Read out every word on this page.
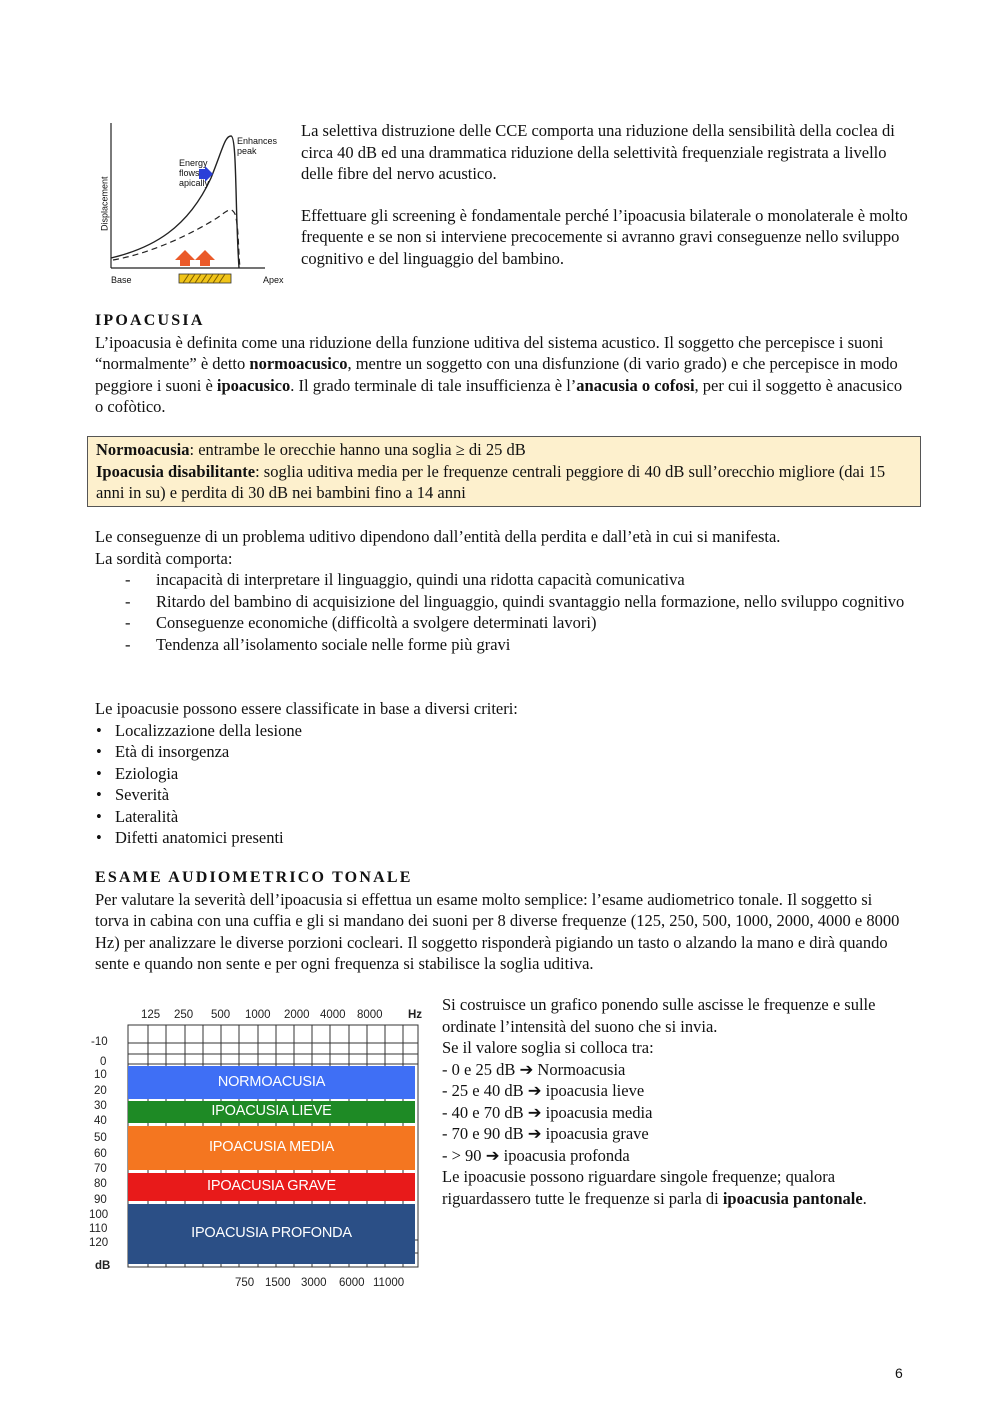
Displacement
Energy
flows
apically
Enhances
peak
Base	Apex

La selettiva distruzione delle CCE comporta una riduzione della sensibilità della coclea di circa 40 dB ed una drammatica riduzione della selettività frequenziale registrata a livello delle fibre del nervo acustico.

Effettuare gli screening è fondamentale perché l’ipoacusia bilaterale o monolaterale è molto frequente e se non si interviene precocemente si avranno gravi conseguenze nello sviluppo cognitivo e del linguaggio del bambino.

IPOACUSIA

L’ipoacusia è definita come una riduzione della funzione uditiva del sistema acustico. Il soggetto che percepisce i suoni “normalmente” è detto normoacusico, mentre un soggetto con una disfunzione (di vario grado) e che percepisce in modo peggiore i suoni è ipoacusico. Il grado terminale di tale insufficienza è l’anacusia o cofosi, per cui il soggetto è anacusico o cofòtico.

Normoacusia: entrambe le orecchie hanno una soglia ≥ di 25 dB
Ipoacusia disabilitante: soglia uditiva media per le frequenze centrali peggiore di 40 dB sull’orecchio migliore (dai 15 anni in su) e perdita di 30 dB nei bambini fino a 14 anni

Le conseguenze di un problema uditivo dipendono dall’entità della perdita e dall’età in cui si manifesta.

La sordità comporta:

- incapacità di interpretare il linguaggio, quindi una ridotta capacità comunicativa
- Ritardo del bambino di acquisizione del linguaggio, quindi svantaggio nella formazione, nello sviluppo cognitivo
- Conseguenze economiche (difficoltà a svolgere determinati lavori)
- Tendenza all’isolamento sociale nelle forme più gravi

Le ipoacusie possono essere classificate in base a diversi criteri:

• Localizzazione della lesione
• Età di insorgenza
• Eziologia
• Severità
• Lateralità
• Difetti anatomici presenti
ESAME AUDIOMETRICO TONALE

Per valutare la severità dell’ipoacusia si effettua un esame molto semplice: l’esame audiometrico tonale. Il soggetto si torva in cabina con una cuffia e gli si mandano dei suoni per 8 diverse frequenze (125, 250, 500, 1000, 2000, 4000 e 8000 Hz) per analizzare le diverse porzioni cocleari. Il soggetto risponderà pigiando un tasto o alzando la mano e dirà quando sente e quando non sente e per ogni frequenza si stabilisce la soglia uditiva.

125 250 500 1000 2000 4000 8000 Hz
-10
0
10
20
30
40
50
60
70
80
90
100
110
120
dB
750 1500 3000 6000 11000
NORMOACUSIA
IPOACUSIA LIEVE
IPOACUSIA MEDIA
IPOACUSIA GRAVE
IPOACUSIA PROFONDA

Si costruisce un grafico ponendo sulle ascisse le frequenze e sulle ordinate l’intensità del suono che si invia.

Se il valore soglia si colloca tra:

- 0 e 25 dB ➔ Normoacusia
- 25 e 40 dB ➔ ipoacusia lieve
- 40 e 70 dB ➔ ipoacusia media
- 70 e 90 dB ➔ ipoacusia grave
- > 90 ➔ ipoacusia profonda

Le ipoacusie possono riguardare singole frequenze; qualora riguardassero tutte le frequenze si parla di ipoacusia pantonale.

6
